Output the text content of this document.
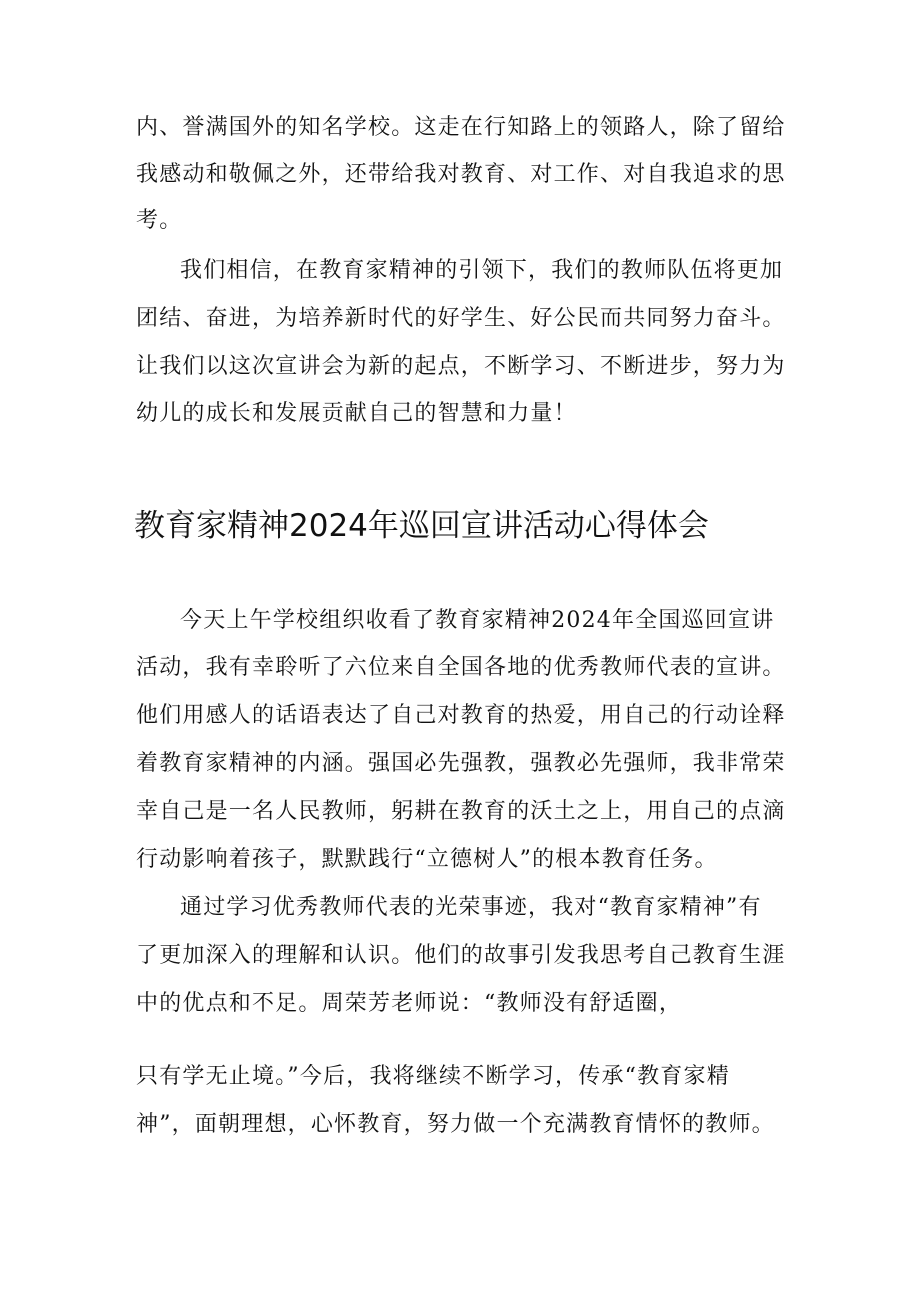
内、誉满国外的知名学校。这走在行知路上的领路人，除了留给
我感动和敬佩之外，还带给我对教育、对工作、对自我追求的思
考。
我们相信，在教育家精神的引领下，我们的教师队伍将更加
团结、奋进，为培养新时代的好学生、好公民而共同努力奋斗。
让我们以这次宣讲会为新的起点，不断学习、不断进步，努力为
幼儿的成长和发展贡献自己的智慧和力量！
教育家精神2024年巡回宣讲活动心得体会
今天上午学校组织收看了教育家精神2024年全国巡回宣讲
活动，我有幸聆听了六位来自全国各地的优秀教师代表的宣讲。
他们用感人的话语表达了自己对教育的热爱，用自己的行动诠释
着教育家精神的内涵。强国必先强教，强教必先强师，我非常荣
幸自己是一名人民教师，躬耕在教育的沃土之上，用自己的点滴
行动影响着孩子，默默践行“立德树人”的根本教育任务。
通过学习优秀教师代表的光荣事迹，我对“教育家精神”有
了更加深入的理解和认识。他们的故事引发我思考自己教育生涯
中的优点和不足。周荣芳老师说：“教师没有舒适圈，
只有学无止境。”今后，我将继续不断学习，传承“教育家精
神”，面朝理想，心怀教育，努力做一个充满教育情怀的教师。
